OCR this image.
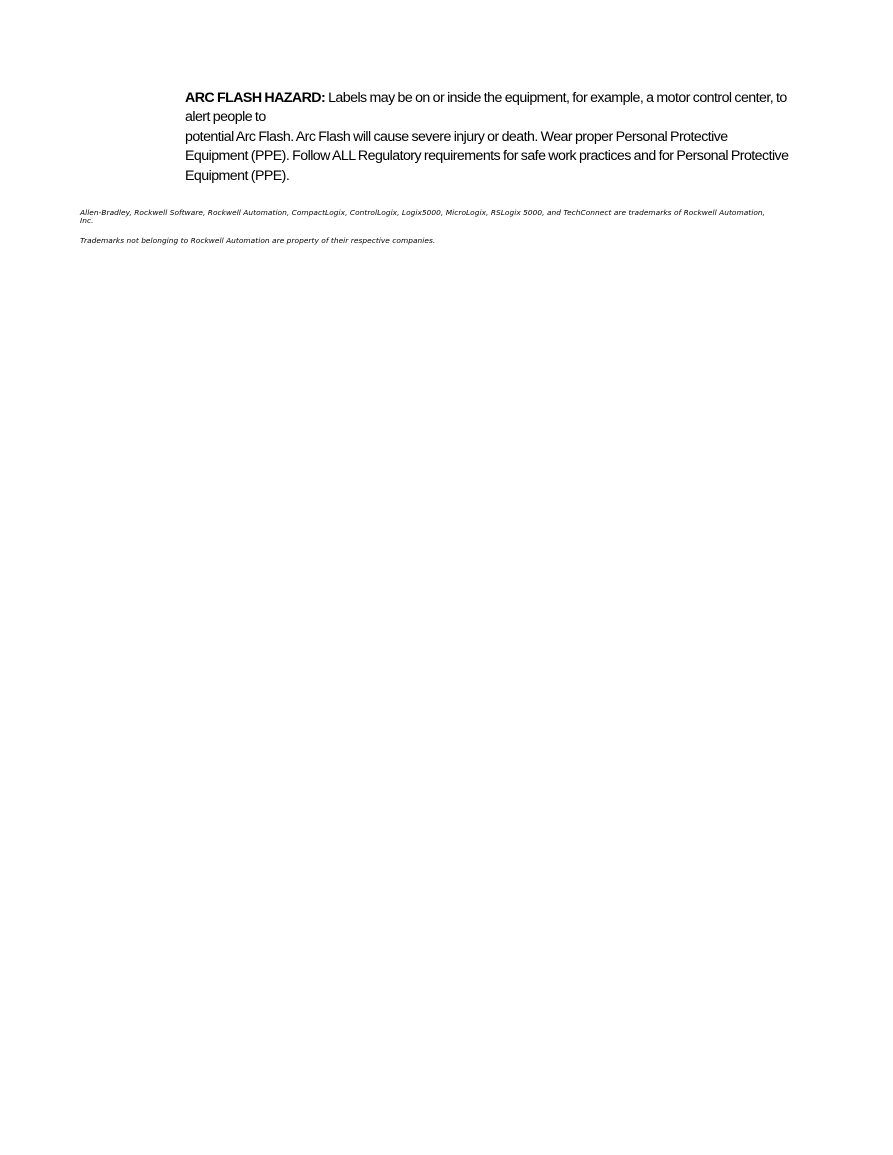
ARC FLASH HAZARD: Labels may be on or inside the equipment, for example, a motor control center, to alert people to

potential Arc Flash. Arc Flash will cause severe injury or death. Wear proper Personal Protective Equipment (PPE). Follow ALL Regulatory requirements for safe work practices and for Personal Protective Equipment (PPE).

Allen-Bradley, Rockwell Software, Rockwell Automation, CompactLogix, ControlLogix, Logix5000, MicroLogix, RSLogix 5000, and TechConnect are trademarks of Rockwell Automation, Inc.

Trademarks not belonging to Rockwell Automation are property of their respective companies.
